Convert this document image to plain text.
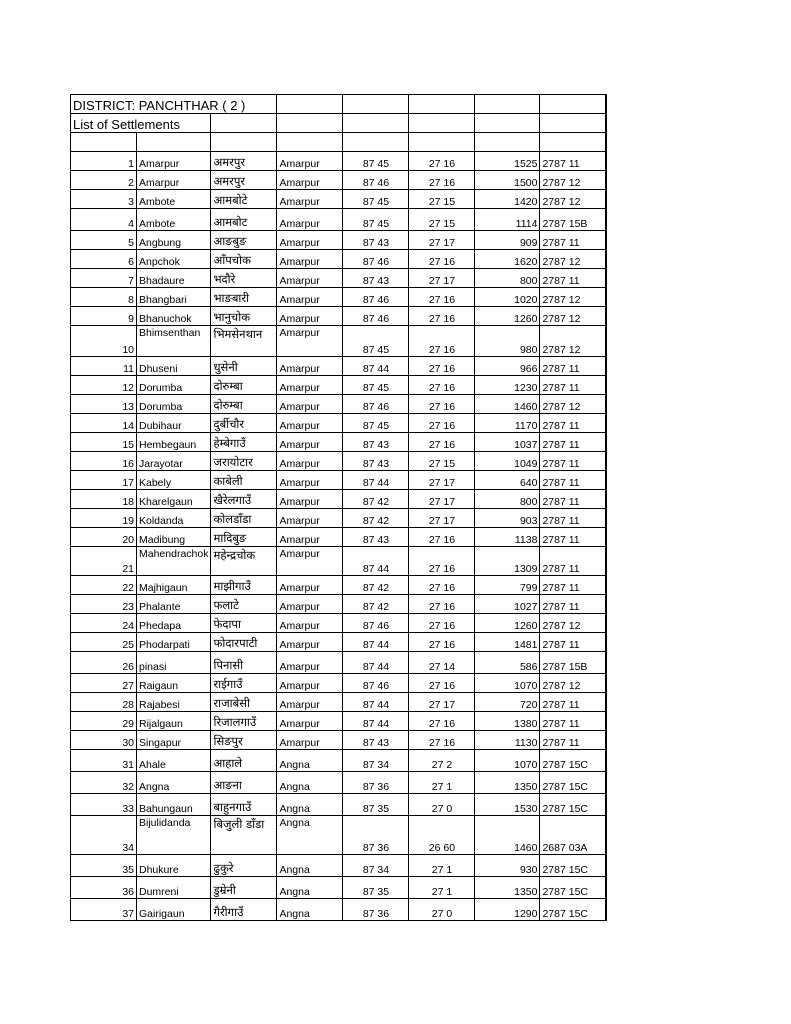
DISTRICT: PANCHTHAR ( 2 )							
List of Settlements							

1	Amarpur	अमरपुर	Amarpur	87 45	27 16	1525	2787 11
2	Amarpur	अमरपुर	Amarpur	87 46	27 16	1500	2787 12
3	Ambote	आमबोटे	Amarpur	87 45	27 15	1420	2787 12
4	Ambote	आमबोट	Amarpur	87 45	27 15	1114	2787 15B
5	Angbung	आङबुङ	Amarpur	87 43	27 17	909	2787 11
6	Anpchok	आँपचोक	Amarpur	87 46	27 16	1620	2787 12
7	Bhadaure	भदौरे	Amarpur	87 43	27 17	800	2787 11
8	Bhangbari	भाङबारी	Amarpur	87 46	27 16	1020	2787 12
9	Bhanuchok	भानुचोक	Amarpur	87 46	27 16	1260	2787 12
10	Bhimsenthan	भिमसेनथान	Amarpur	87 45	27 16	980	2787 12
11	Dhuseni	धुसेनी	Amarpur	87 44	27 16	966	2787 11
12	Dorumba	दोरुम्बा	Amarpur	87 45	27 16	1230	2787 11
13	Dorumba	दोरुम्बा	Amarpur	87 46	27 16	1460	2787 12
14	Dubihaur	दुर्बीचौर	Amarpur	87 45	27 16	1170	2787 11
15	Hembegaun	हेम्बेगाउँ	Amarpur	87 43	27 16	1037	2787 11
16	Jarayotar	जरायोटार	Amarpur	87 43	27 15	1049	2787 11
17	Kabely	काबेली	Amarpur	87 44	27 17	640	2787 11
18	Kharelgaun	खैरेलगाउँ	Amarpur	87 42	27 17	800	2787 11
19	Koldanda	कोलडाँडा	Amarpur	87 42	27 17	903	2787 11
20	Madibung	मादिबुङ	Amarpur	87 43	27 16	1138	2787 11
21	Mahendrachok	महेन्द्रचोक	Amarpur	87 44	27 16	1309	2787 11
22	Majhigaun	माझीगाउँ	Amarpur	87 42	27 16	799	2787 11
23	Phalante	फलाटे	Amarpur	87 42	27 16	1027	2787 11
24	Phedapa	फेदापा	Amarpur	87 46	27 16	1260	2787 12
25	Phodarpati	फोदारपाटी	Amarpur	87 44	27 16	1481	2787 11
26	pinasi	पिनासी	Amarpur	87 44	27 14	586	2787 15B
27	Raigaun	राईगाउँ	Amarpur	87 46	27 16	1070	2787 12
28	Rajabesi	राजाबेसी	Amarpur	87 44	27 17	720	2787 11
29	Rijalgaun	रिजालगाउँ	Amarpur	87 44	27 16	1380	2787 11
30	Singapur	सिङपुर	Amarpur	87 43	27 16	1130	2787 11
31	Ahale	आहाले	Angna	87 34	27 2	1070	2787 15C
32	Angna	आङना	Angna	87 36	27 1	1350	2787 15C
33	Bahungaun	बाहुनगाउँ	Angna	87 35	27 0	1530	2787 15C
34	Bijulidanda	बिजुली डाँडा	Angna	87 36	26 60	1460	2687 03A
35	Dhukure	ढुकुरे	Angna	87 34	27 1	930	2787 15C
36	Dumreni	डुम्रेनी	Angna	87 35	27 1	1350	2787 15C
37	Gairigaun	गैरीगाउँ	Angna	87 36	27 0	1290	2787 15C
